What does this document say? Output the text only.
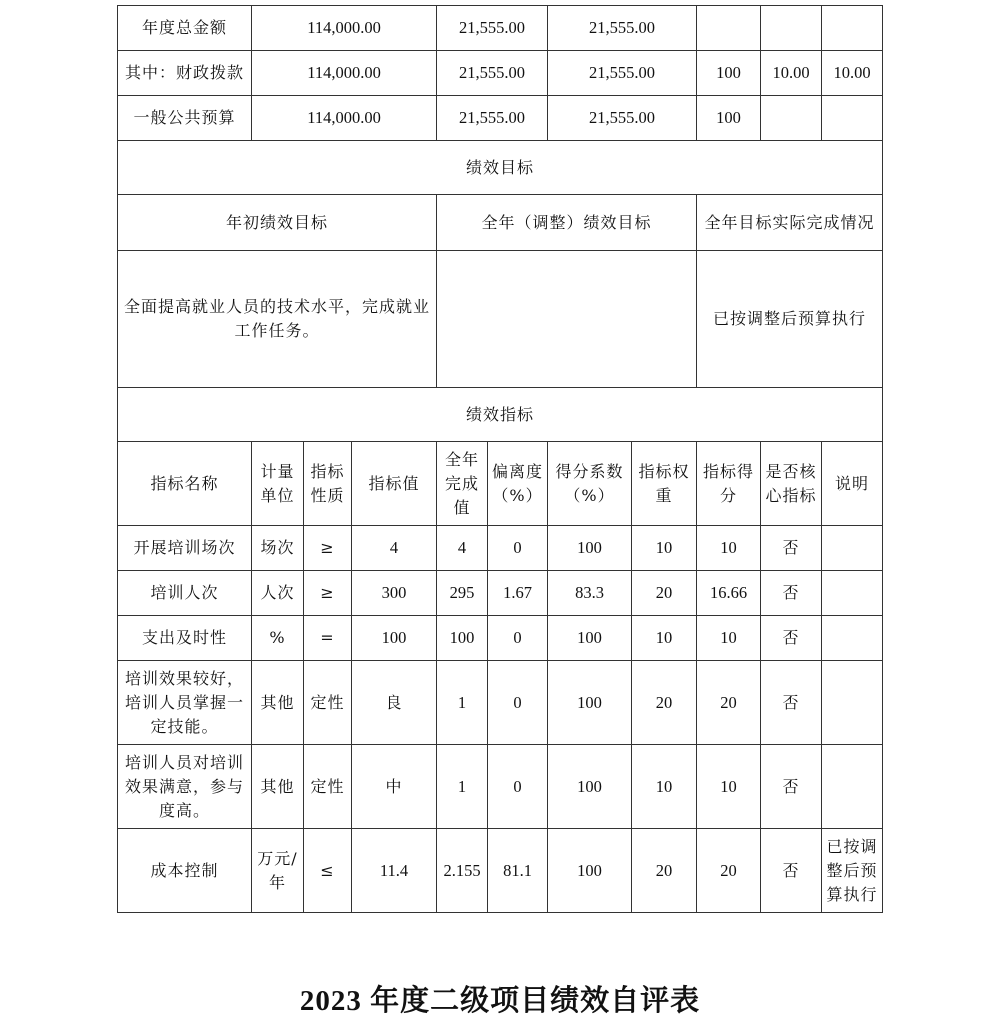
年度总金额	114,000.00			21,555.00		21,555.00				
其中：财政拨款	114,000.00			21,555.00		21,555.00		100	10.00	10.00
一般公共预算	114,000.00			21,555.00		21,555.00		100		
绩效目标										
年初绩效目标				全年（调整）绩效目标				全年目标实际完成情况		
全面提高就业人员的技术水平，完成就业工作任务。								已按调整后预算执行		
绩效指标										
指标名称	计量单位	指标性质	指标值	全年完成值	偏离度（%）	得分系数（%）	指标权重	指标得分	是否核心指标	说明
开展培训场次	场次	≥	4	4	0	100	10	10	否	
培训人次	人次	≥	300	295	1.67	83.3	20	16.66	否	
支出及时性	%	=	100	100	0	100	10	10	否	
培训效果较好，培训人员掌握一定技能。	其他	定性	良	1	0	100	20	20	否	
培训人员对培训效果满意，参与度高。	其他	定性	中	1	0	100	10	10	否	
成本控制	万元/年	≤	11.4	2.155	81.1	100	20	20	否	已按调整后预算执行
2023 年度二级项目绩效自评表
